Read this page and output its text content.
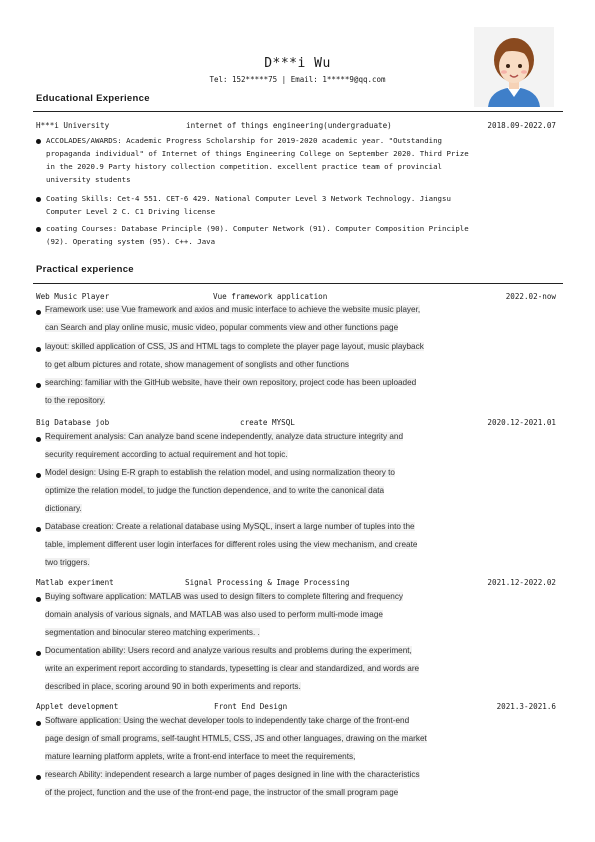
D***i Wu
Tel: 152*****75 | Email: 1*****9@qq.com
Educational Experience
H***i University	internet of things engineering(undergraduate)	2018.09-2022.07
ACCOLADES/AWARDS: Academic Progress Scholarship for 2019-2020 academic year. "Outstanding
propaganda individual" of Internet of things Engineering College on September 2020. Third Prize
in the 2020.9 Party history collection competition. excellent practice team of provincial
university students
Coating Skills: Cet-4 551. CET-6 429. National Computer Level 3 Network Technology. Jiangsu
Computer Level 2 C. C1 Driving license
coating Courses: Database Principle (90). Computer Network (91). Computer Composition Principle
(92). Operating system (95). C++. Java
Practical experience
Web Music Player	Vue framework application	2022.02-now
Framework use: use Vue framework and axios and music interface to achieve the website music player,
can Search and play online music, music video, popular comments view and other functions page
layout: skilled application of CSS, JS and HTML tags to complete the player page layout, music playback
to get album pictures and rotate, show management of songlists and other functions
searching: familiar with the GitHub website, have their own repository, project code has been uploaded
to the repository.
Big Database job	create MYSQL	2020.12-2021.01
Requirement analysis: Can analyze band scene independently, analyze data structure integrity and
security requirement according to actual requirement and hot topic.
Model design: Using E-R graph to establish the relation model, and using normalization theory to
optimize the relation model, to judge the function dependence, and to write the canonical data
dictionary.
Database creation: Create a relational database using MySQL, insert a large number of tuples into the
table, implement different user login interfaces for different roles using the view mechanism, and create
two triggers.
Matlab experiment	Signal Processing & Image Processing	2021.12-2022.02
Buying software application: MATLAB was used to design filters to complete filtering and frequency
domain analysis of various signals, and MATLAB was also used to perform multi-mode image
segmentation and binocular stereo matching experiments. .
Documentation ability: Users record and analyze various results and problems during the experiment,
write an experiment report according to standards, typesetting is clear and standardized, and words are
described in place, scoring around 90 in both experiments and reports.
Applet development	Front End Design	2021.3-2021.6
Software application: Using the wechat developer tools to independently take charge of the front-end
page design of small programs, self-taught HTML5, CSS, JS and other languages, drawing on the market
mature learning platform applets, write a front-end interface to meet the requirements,
research Ability: independent research a large number of pages designed in line with the characteristics
of the project, function and the use of the front-end page, the instructor of the small program page
